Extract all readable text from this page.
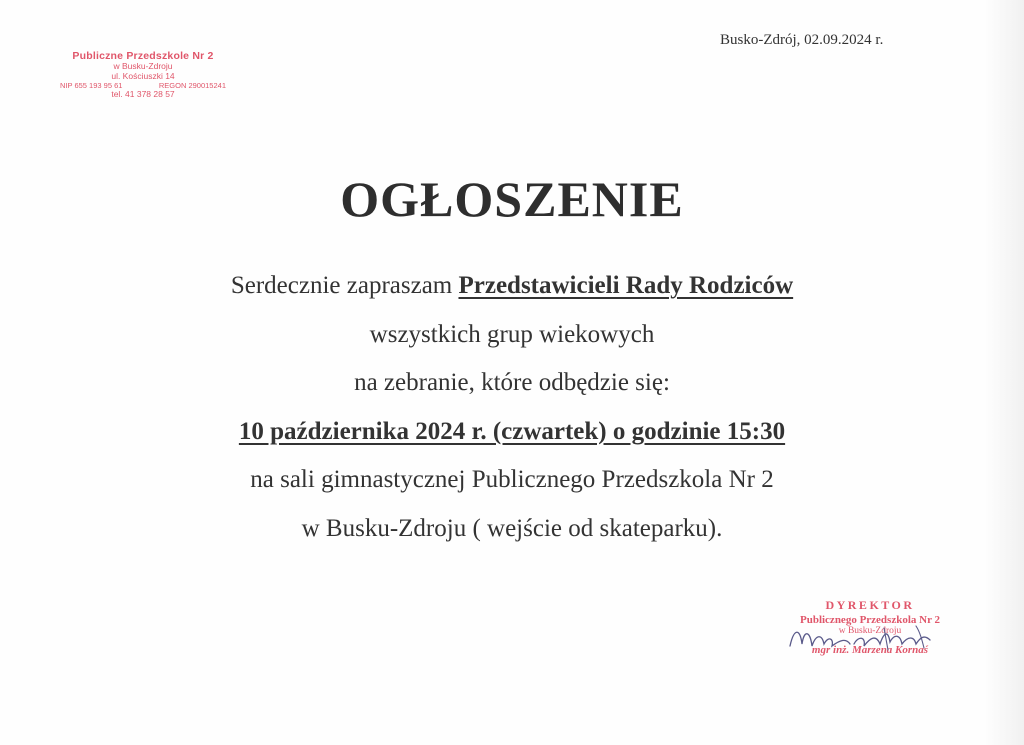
Publiczne Przedszkole Nr 2
w Busku-Zdroju
ul. Kościuszki 14
NIP 655 193 95 61	REGON 290015241
tel. 41 378 28 57
Busko-Zdrój, 02.09.2024 r.
OGŁOSZENIE
Serdecznie zapraszam Przedstawicieli Rady Rodziców
wszystkich grup wiekowych
na zebranie, które odbędzie się:
10 października 2024 r. (czwartek) o godzinie 15:30
na sali gimnastycznej Publicznego Przedszkola Nr 2
w Busku-Zdroju ( wejście od skateparku).
DYREKTOR
Publicznego Przedszkola Nr 2
w Busku-Zdroju
mgr inż. Marzena Kornaś
